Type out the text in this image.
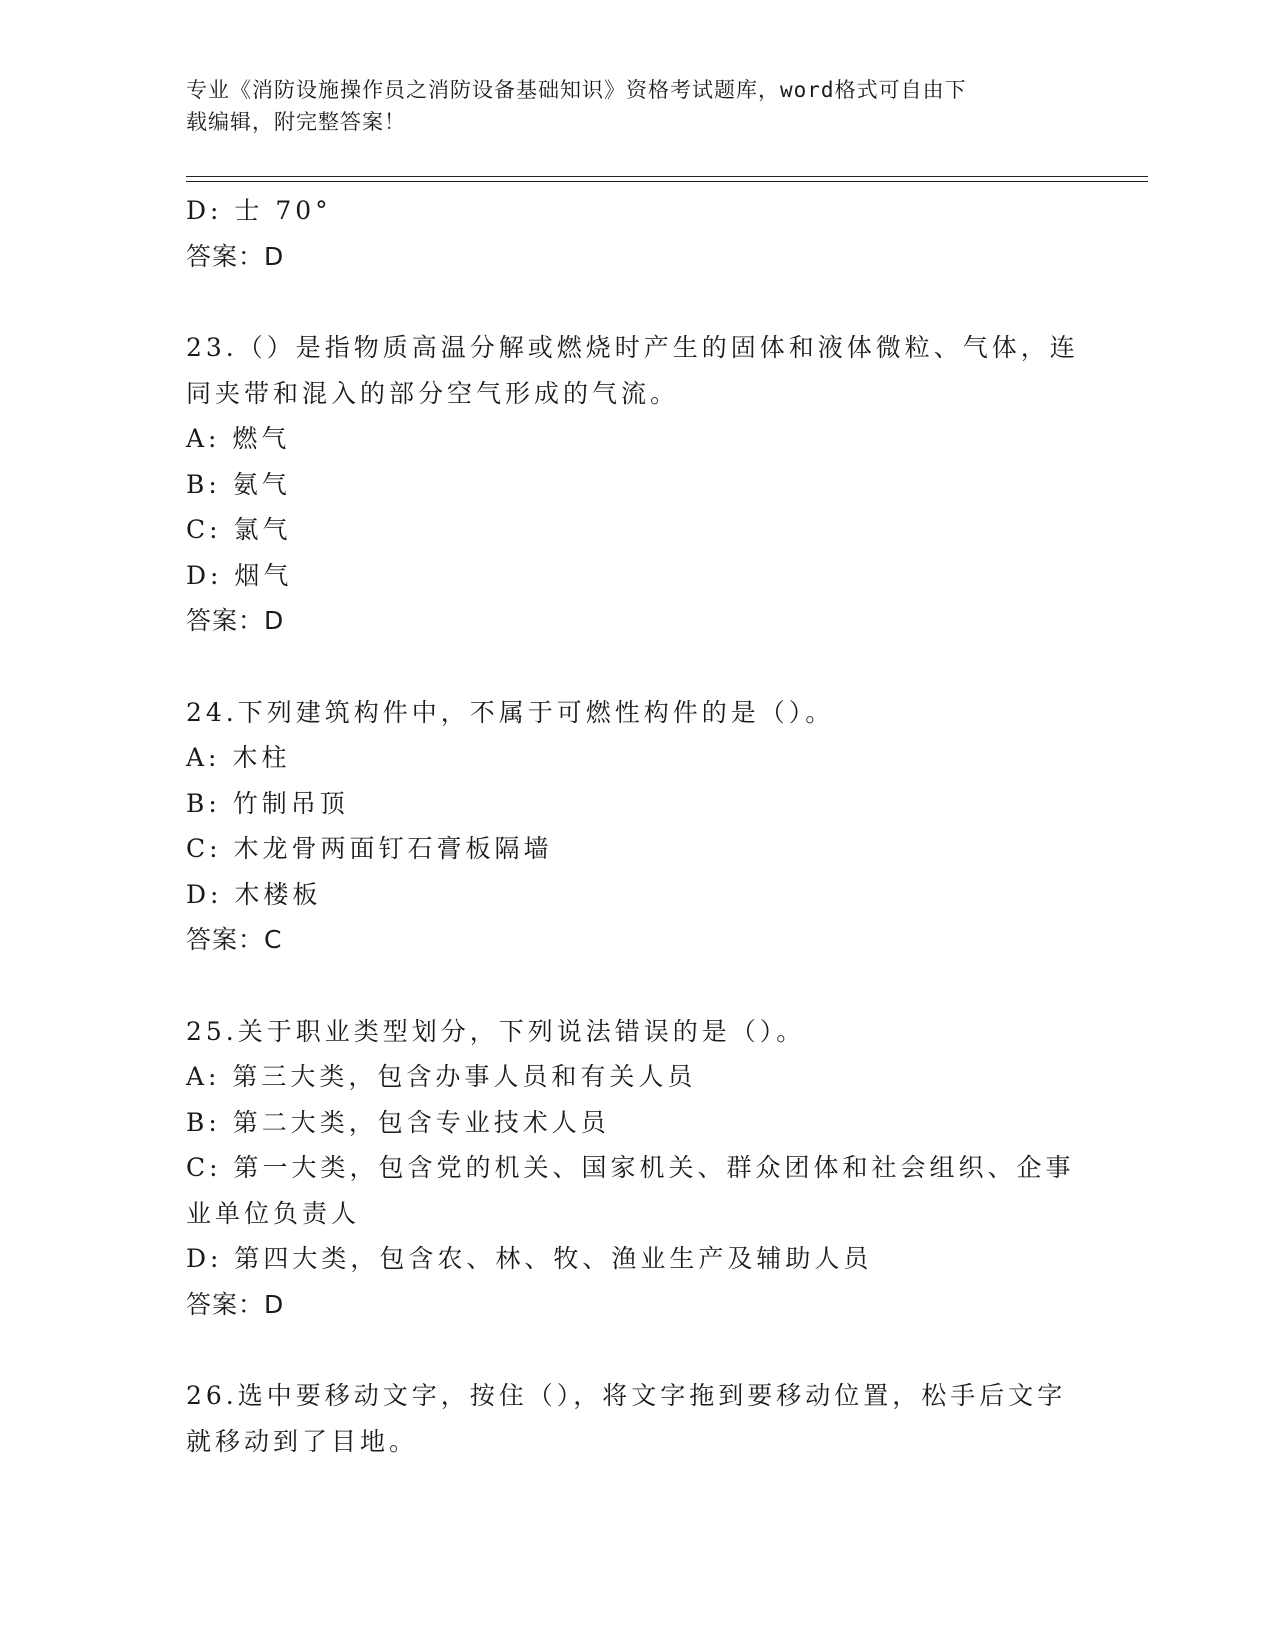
专业《消防设施操作员之消防设备基础知识》资格考试题库，word格式可自由下
载编辑，附完整答案！
D: 士 70°
答案：D
23.（）是指物质高温分解或燃烧时产生的固体和液体微粒、气体，连
同夹带和混入的部分空气形成的气流。
A: 燃气
B: 氨气
C: 氯气
D: 烟气
答案：D
24.下列建筑构件中，不属于可燃性构件的是（）。
A: 木柱
B: 竹制吊顶
C: 木龙骨两面钉石膏板隔墙
D: 木楼板
答案：C
25.关于职业类型划分，下列说法错误的是（）。
A: 第三大类，包含办事人员和有关人员
B: 第二大类，包含专业技术人员
C: 第一大类，包含党的机关、国家机关、群众团体和社会组织、企事
业单位负责人
D: 第四大类，包含农、林、牧、渔业生产及辅助人员
答案：D
26.选中要移动文字，按住（），将文字拖到要移动位置，松手后文字
就移动到了目地。
